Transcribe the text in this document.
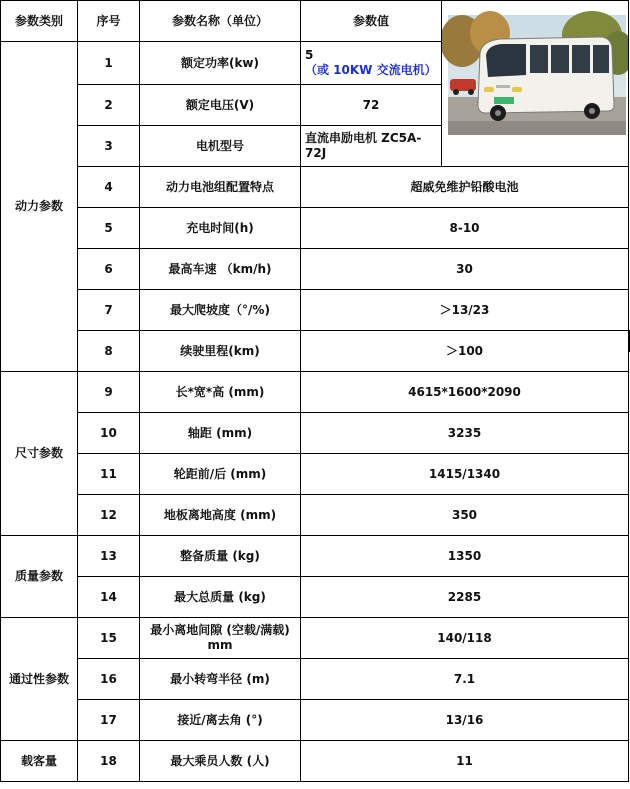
参数类别	序号	参数名称（单位）	参数值	
动力参数	1	额定功率(kw)	5（或 10KW 交流电机）	
	2	额定电压(V)	72	
	3	电机型号	直流串励电机 ZC5A-72J	
	4	动力电池组配置特点	超威免维护铅酸电池	
	5	充电时间(h)	8-10	
	6	最高车速 （km/h)	30	
	7	最大爬坡度（°/%)	＞13/23	
	8	续驶里程(km)	＞100	
尺寸参数	9	长*宽*高 (mm)	4615*1600*2090	
	10	轴距 (mm)	3235	
	11	轮距前/后 (mm)	1415/1340	
	12	地板离地高度 (mm)	350	
质量参数	13	整备质量 (kg)	1350	
	14	最大总质量 (kg)	2285	
通过性参数	15	最小离地间隙 (空载/满载) mm	140/118	
	16	最小转弯半径 (m)	7.1	
	17	接近/离去角 (°)	13/16	
载客量	18	最大乘员人数 (人)	11	
